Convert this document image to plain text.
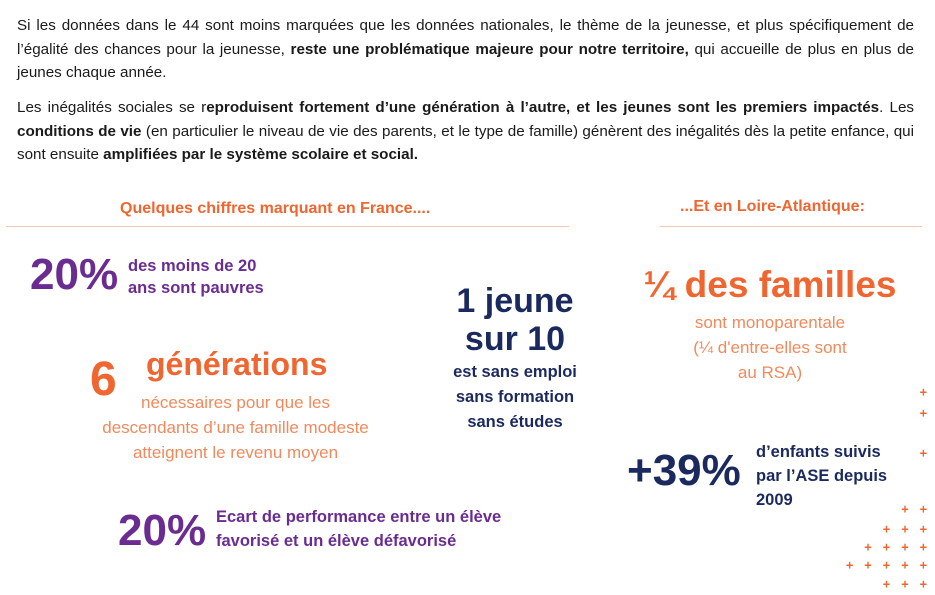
Si les données dans le 44 sont moins marquées que les données nationales, le thème de la jeunesse, et plus spécifiquement de l’égalité des chances pour la jeunesse, reste une problématique majeure pour notre territoire, qui accueille de plus en plus de jeunes chaque année.

Les inégalités sociales se reproduisent fortement d’une génération à l’autre, et les jeunes sont les premiers impactés. Les conditions de vie (en particulier le niveau de vie des parents, et le type de famille) génèrent des inégalités dès la petite enfance, qui sont ensuite amplifiées par le système scolaire et social.

Quelques chiffres marquant en France....	...Et en Loire-Atlantique:
20% des moins de 20
ans sont pauvres
6 générations
nécessaires pour que les
descendants d’une famille modeste
atteignent le revenu moyen
1 jeune
sur 10
est sans emploi
sans formation
sans études
20% Ecart de performance entre un élève
favorisé et un élève défavorisé
¼ des familles
sont monoparentale
(¼ d'entre-elles sont
au RSA)
+39% d’enfants suivis
par l’ASE depuis
2009
+
+
+
+ +
+ + +
+ + + +
+ + + + +
+ + +
